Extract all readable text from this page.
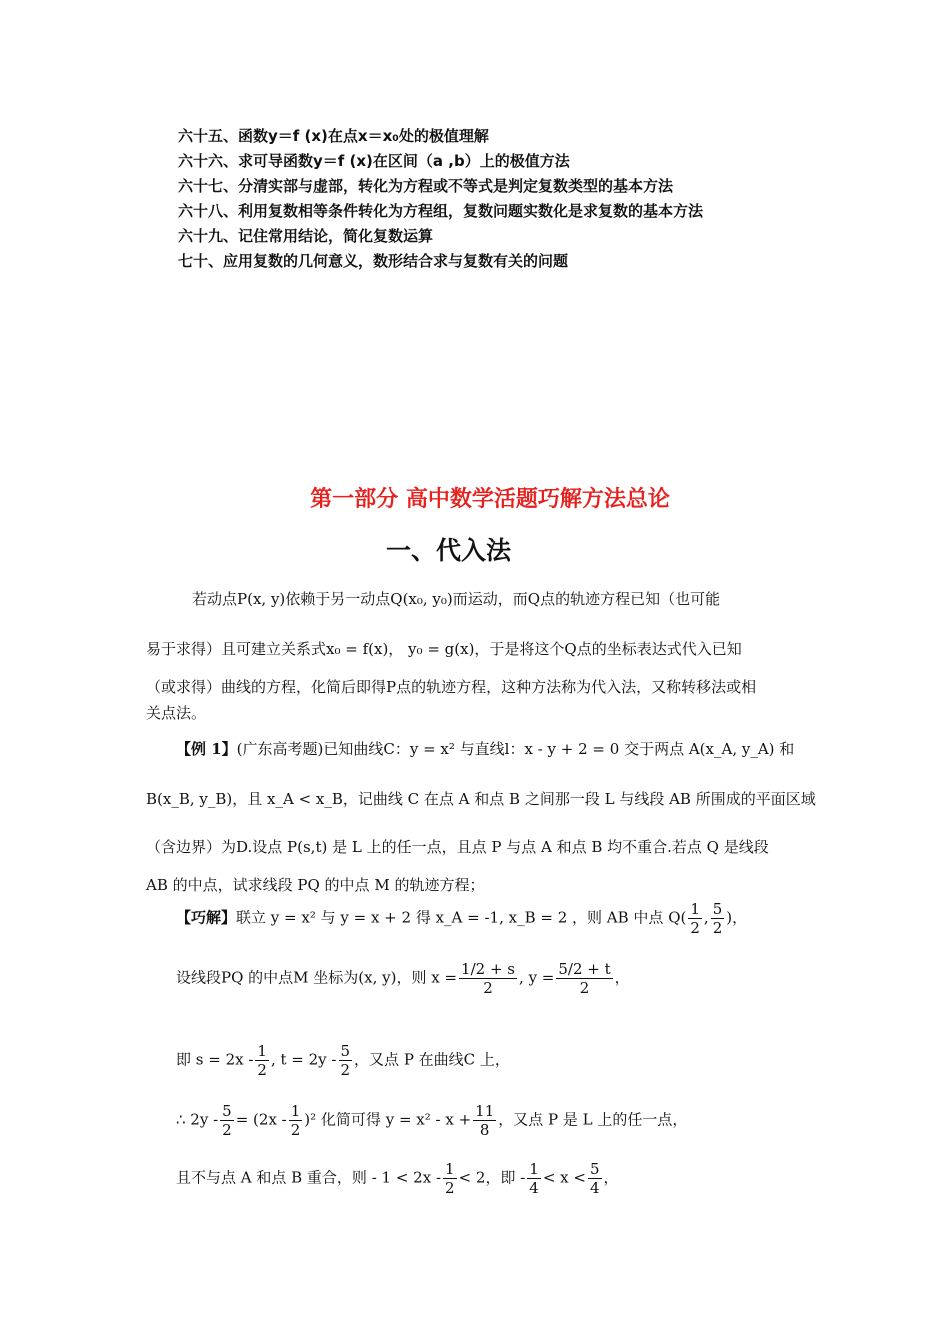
六十五、函数y＝f (x)在点x＝x₀处的极值理解
六十六、求可导函数y＝f (x)在区间（a ,b）上的极值方法
六十七、分清实部与虚部，转化为方程或不等式是判定复数类型的基本方法
六十八、利用复数相等条件转化为方程组，复数问题实数化是求复数的基本方法
六十九、记住常用结论，简化复数运算
七十、应用复数的几何意义，数形结合求与复数有关的问题
第一部分 高中数学活题巧解方法总论
一、代入法
若动点P(x, y)依赖于另一动点Q(x₀, y₀)而运动，而Q点的轨迹方程已知（也可能
易于求得）且可建立关系式x₀ = f(x)， y₀ = g(x)，于是将这个Q点的坐标表达式代入已知
（或求得）曲线的方程，化简后即得P点的轨迹方程，这种方法称为代入法，又称转移法或相
关点法。
【例 1】(广东高考题)已知曲线C：y = x² 与直线l：x - y + 2 = 0 交于两点 A(x_A, y_A) 和
B(x_B, y_B)，且 x_A < x_B，记曲线 C 在点 A 和点 B 之间那一段 L 与线段 AB 所围成的平面区域
（含边界）为D.设点 P(s,t) 是 L 上的任一点，且点 P 与点 A 和点 B 均不重合.若点 Q 是线段
AB 的中点，试求线段 PQ 的中点 M 的轨迹方程；
【巧解】联立 y = x² 与 y = x + 2 得 x_A = -1, x_B = 2 ，则 AB 中点 $Q( \frac{1}{2}$ , $\frac{5}{2}$ )，
设线段PQ 的中点M 坐标为(x, y)，则 $x = \frac{1/2 + s}{2}$ , $y = \frac{5/2 + t}{2}$ ，
即 $s = 2x - \frac{1}{2}$ , $t = 2y - \frac{5}{2}$ ，又点 P 在曲线C 上，
∴ $2y - \frac{5}{2} = (2x - \frac{1}{2} )^2$ 化简可得 $y = x^2 - x + \frac{11}{8}$ ，又点 P 是 L 上的任一点，
且不与点 A 和点 B 重合，则 - $1 < 2x - \frac{1}{2} < 2$，即 - $\frac{1}{4} < x < \frac{5}{4}$ ，
